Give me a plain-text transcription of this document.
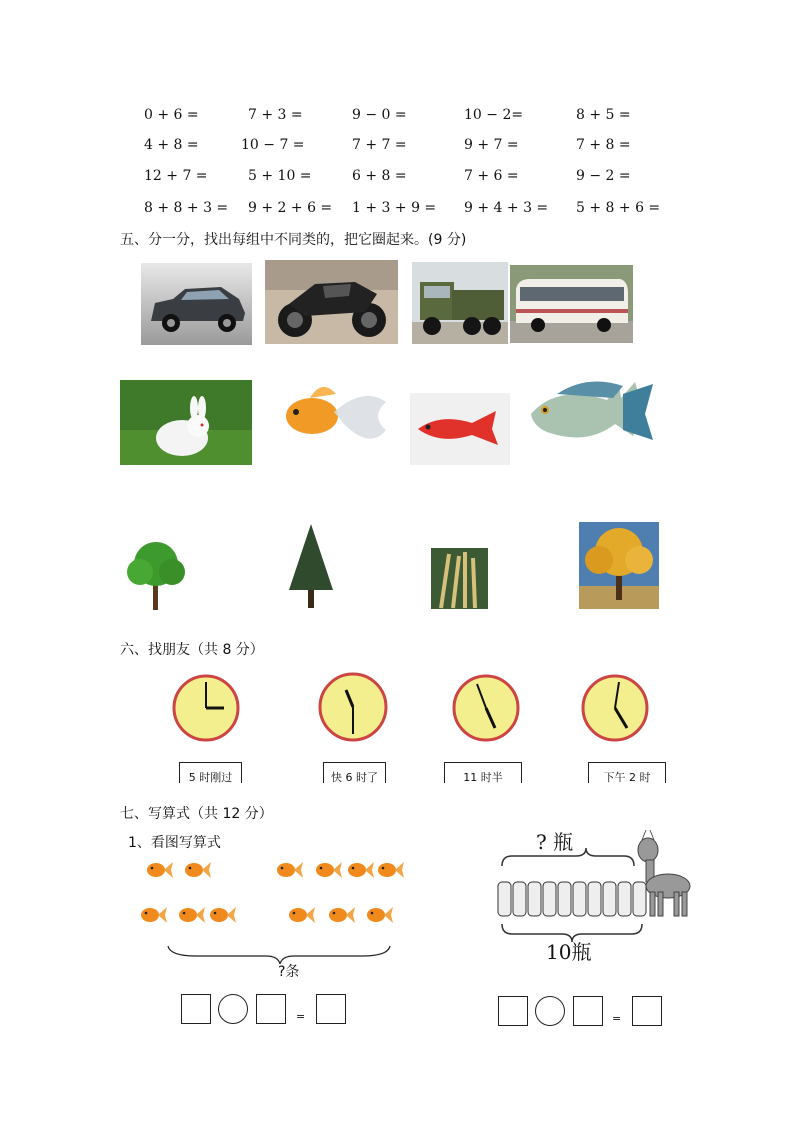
0 + 6 =	7 + 3 =	9 − 0 =	10 − 2=	8 + 5 =
4 + 8 =	10 − 7 =	7 + 7 =	9 + 7 =	7 + 8 =
12 + 7 =	5 + 10 =	6 + 8 =	7 + 6 =	9 − 2 =
8 + 8 + 3 = 9 + 2 + 6 = 1 + 3 + 9 = 9 + 4 + 3 = 5 + 8 + 6 =
五、分一分，找出每组中不同类的，把它圈起来。(9 分)
六、找朋友（共 8 分）
5 时刚过	快 6 时了	11 时半	下午 2 时
七、写算式（共 12 分）
1、看图写算式
?条
? 瓶
10瓶
=	=
